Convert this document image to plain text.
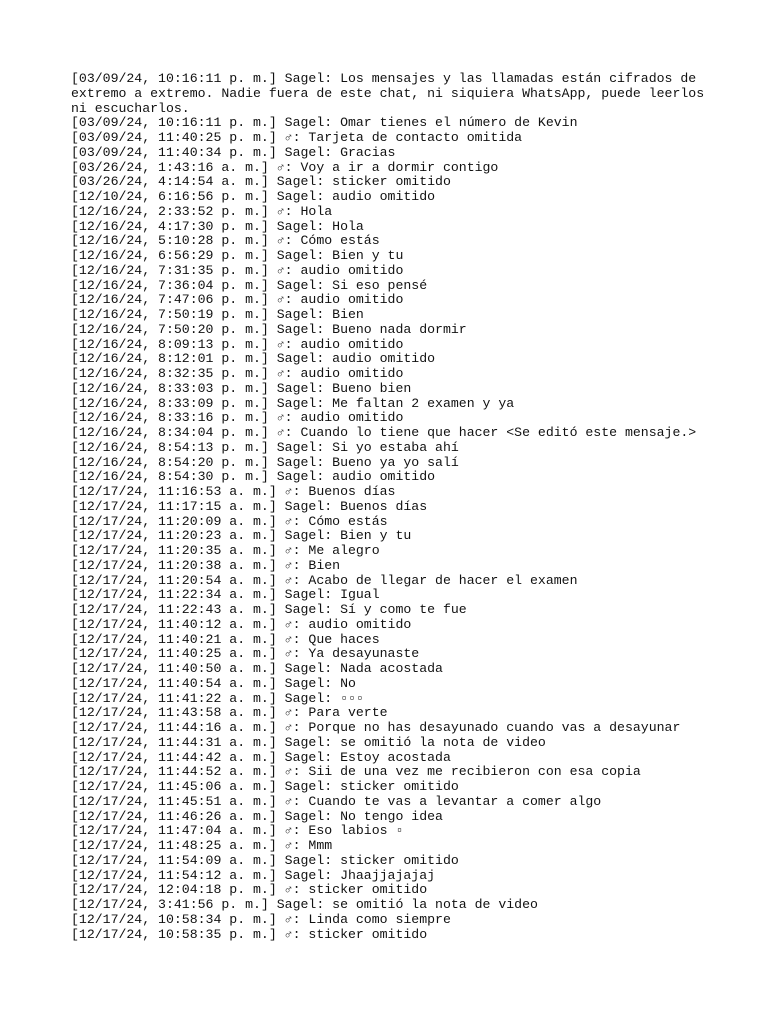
[03/09/24, 10:16:11 p. m.] Sagel: Los mensajes y las llamadas están cifrados de extremo a extremo. Nadie fuera de este chat, ni siquiera WhatsApp, puede leerlos ni escucharlos.

[03/09/24, 10:16:11 p. m.] Sagel: Omar tienes el número de Kevin

[03/09/24, 11:40:25 p. m.] ♂: Tarjeta de contacto omitida

[03/09/24, 11:40:34 p. m.] Sagel: Gracias

[03/26/24, 1:43:16 a. m.] ♂: Voy a ir a dormir contigo

[03/26/24, 4:14:54 a. m.] Sagel: sticker omitido

[12/10/24, 6:16:56 p. m.] Sagel: audio omitido

[12/16/24, 2:33:52 p. m.] ♂: Hola

[12/16/24, 4:17:30 p. m.] Sagel: Hola

[12/16/24, 5:10:28 p. m.] ♂: Cómo estás

[12/16/24, 6:56:29 p. m.] Sagel: Bien y tu

[12/16/24, 7:31:35 p. m.] ♂: audio omitido

[12/16/24, 7:36:04 p. m.] Sagel: Si eso pensé

[12/16/24, 7:47:06 p. m.] ♂: audio omitido

[12/16/24, 7:50:19 p. m.] Sagel: Bien

[12/16/24, 7:50:20 p. m.] Sagel: Bueno nada dormir

[12/16/24, 8:09:13 p. m.] ♂: audio omitido

[12/16/24, 8:12:01 p. m.] Sagel: audio omitido

[12/16/24, 8:32:35 p. m.] ♂: audio omitido

[12/16/24, 8:33:03 p. m.] Sagel: Bueno bien

[12/16/24, 8:33:09 p. m.] Sagel: Me faltan 2 examen y ya

[12/16/24, 8:33:16 p. m.] ♂: audio omitido

[12/16/24, 8:34:04 p. m.] ♂: Cuando lo tiene que hacer <Se editó este mensaje.>

[12/16/24, 8:54:13 p. m.] Sagel: Si yo estaba ahí

[12/16/24, 8:54:20 p. m.] Sagel: Bueno ya yo salí

[12/16/24, 8:54:30 p. m.] Sagel: audio omitido

[12/17/24, 11:16:53 a. m.] ♂: Buenos días

[12/17/24, 11:17:15 a. m.] Sagel: Buenos días

[12/17/24, 11:20:09 a. m.] ♂: Cómo estás

[12/17/24, 11:20:23 a. m.] Sagel: Bien y tu

[12/17/24, 11:20:35 a. m.] ♂: Me alegro

[12/17/24, 11:20:38 a. m.] ♂: Bien

[12/17/24, 11:20:54 a. m.] ♂: Acabo de llegar de hacer el examen

[12/17/24, 11:22:34 a. m.] Sagel: Igual

[12/17/24, 11:22:43 a. m.] Sagel: Sí y como te fue

[12/17/24, 11:40:12 a. m.] ♂: audio omitido

[12/17/24, 11:40:21 a. m.] ♂: Que haces

[12/17/24, 11:40:25 a. m.] ♂: Ya desayunaste

[12/17/24, 11:40:50 a. m.] Sagel: Nada acostada

[12/17/24, 11:40:54 a. m.] Sagel: No

[12/17/24, 11:41:22 a. m.] Sagel: ▫▫▫

[12/17/24, 11:43:58 a. m.] ♂: Para verte

[12/17/24, 11:44:16 a. m.] ♂: Porque no has desayunado cuando vas a desayunar

[12/17/24, 11:44:31 a. m.] Sagel: se omitió la nota de video

[12/17/24, 11:44:42 a. m.] Sagel: Estoy acostada

[12/17/24, 11:44:52 a. m.] ♂: Sii de una vez me recibieron con esa copia

[12/17/24, 11:45:06 a. m.] Sagel: sticker omitido

[12/17/24, 11:45:51 a. m.] ♂: Cuando te vas a levantar a comer algo

[12/17/24, 11:46:26 a. m.] Sagel: No tengo idea

[12/17/24, 11:47:04 a. m.] ♂: Eso labios ▫

[12/17/24, 11:48:25 a. m.] ♂: Mmm

[12/17/24, 11:54:09 a. m.] Sagel: sticker omitido

[12/17/24, 11:54:12 a. m.] Sagel: Jhaajjajajaj

[12/17/24, 12:04:18 p. m.] ♂: sticker omitido

[12/17/24, 3:41:56 p. m.] Sagel: se omitió la nota de video

[12/17/24, 10:58:34 p. m.] ♂: Linda como siempre

[12/17/24, 10:58:35 p. m.] ♂: sticker omitido
